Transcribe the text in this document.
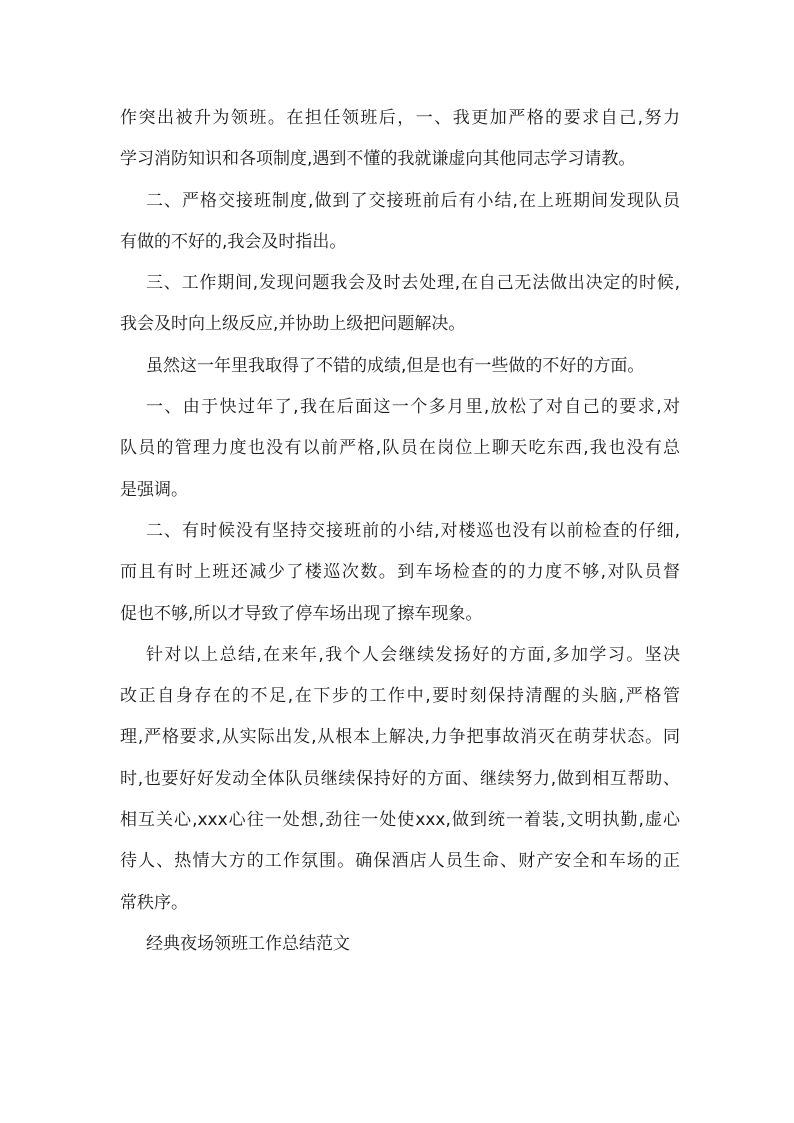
作突出被升为领班。在担任领班后，一、我更加严格的要求自己,努力
学习消防知识和各项制度,遇到不懂的我就谦虚向其他同志学习请教。
二、严格交接班制度,做到了交接班前后有小结,在上班期间发现队员
有做的不好的,我会及时指出。
三、工作期间,发现问题我会及时去处理,在自己无法做出决定的时候,
我会及时向上级反应,并协助上级把问题解决。
虽然这一年里我取得了不错的成绩,但是也有一些做的不好的方面。
一、由于快过年了,我在后面这一个多月里,放松了对自己的要求,对
队员的管理力度也没有以前严格,队员在岗位上聊天吃东西,我也没有总
是强调。
二、有时候没有坚持交接班前的小结,对楼巡也没有以前检查的仔细,
而且有时上班还减少了楼巡次数。到车场检查的的力度不够,对队员督
促也不够,所以才导致了停车场出现了擦车现象。
针对以上总结,在来年,我个人会继续发扬好的方面,多加学习。坚决
改正自身存在的不足,在下步的工作中,要时刻保持清醒的头脑,严格管
理,严格要求,从实际出发,从根本上解决,力争把事故消灭在萌芽状态。同
时,也要好好发动全体队员继续保持好的方面、继续努力,做到相互帮助、
相互关心,xxx心往一处想,劲往一处使xxx,做到统一着装,文明执勤,虚心
待人、热情大方的工作氛围。确保酒店人员生命、财产安全和车场的正
常秩序。
经典夜场领班工作总结范文
